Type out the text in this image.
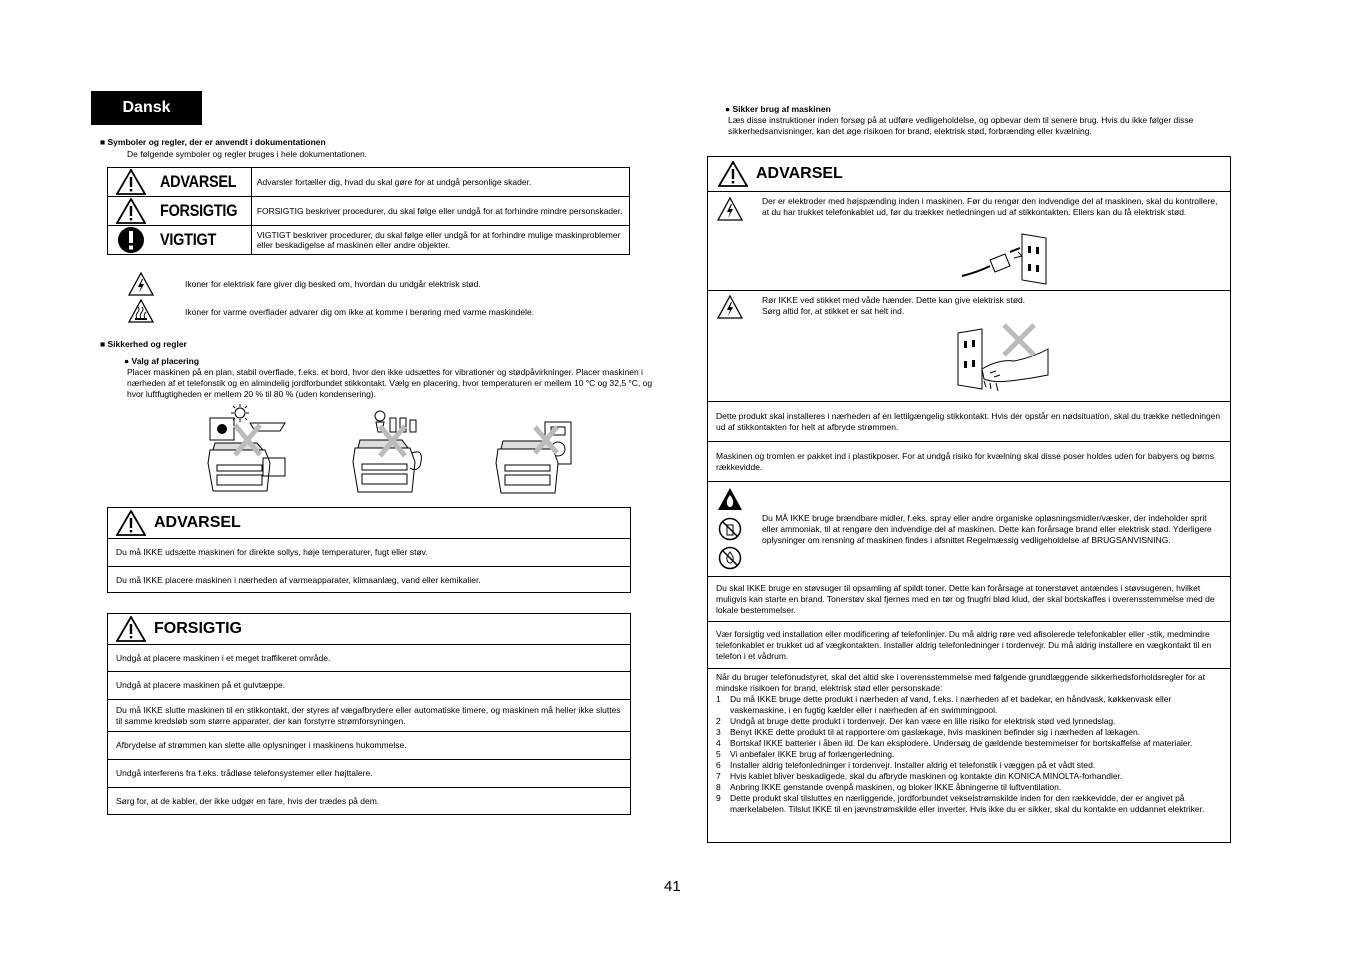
Dansk
■ Symboler og regler, der er anvendt i dokumentationen
De følgende symboler og regler bruges i hele dokumentationen.
ADVARSEL	Advarsler fortæller dig, hvad du skal gøre for at undgå personlige skader.

FORSIGTIG	FORSIGTIG beskriver procedurer, du skal følge eller undgå for at forhindre mindre personskader.

VIGTIGT	VIGTIGT beskriver procedurer, du skal følge eller undgå for at forhindre mulige maskinproblemer eller beskadigelse af maskinen eller andre objekter.
Ikoner for elektrisk fare giver dig besked om, hvordan du undgår elektrisk stød.
Ikoner for varme overflader advarer dig om ikke at komme i berøring med varme maskindele.
■ Sikkerhed og regler
● Valg af placering
Placer maskinen på en plan, stabil overflade, f.eks. et bord, hvor den ikke udsættes for vibrationer og stødpåvirkninger. Placer maskinen i nærheden af et telefonstik og en almindelig jordforbundet stikkontakt. Vælg en placering, hvor temperaturen er mellem 10 °C og 32,5 °C, og hvor luftfugtigheden er mellem 20 % til 80 % (uden kondensering).
ADVARSEL
Du må IKKE udsætte maskinen for direkte sollys, høje temperaturer, fugt eller støv.
Du må IKKE placere maskinen i nærheden af varmeapparater, klimaanlæg, vand eller kemikalier.
FORSIGTIG
Undgå at placere maskinen i et meget traffikeret område.
Undgå at placere maskinen på et gulvtæppe.
Du må IKKE slutte maskinen til en stikkontakt, der styres af vægafbrydere eller automatiske timere, og maskinen må heller ikke sluttes til samme kredsløb som større apparater, der kan forstyrre strømforsyningen.
Afbrydelse af strømmen kan slette alle oplysninger i maskinens hukommelse.
Undgå interferens fra f.eks. trådløse telefonsystemer eller højttalere.
Sørg for, at de kabler, der ikke udgør en fare, hvis der trædes på dem.
● Sikker brug af maskinen
Læs disse instruktioner inden forsøg på at udføre vedligeholdelse, og opbevar dem til senere brug. Hvis du ikke følger disse sikkerhedsanvisninger, kan det øge risikoen for brand, elektrisk stød, forbrænding eller kvælning.
ADVARSEL
Der er elektroder med højspænding inden i maskinen. Før du rengør den indvendige del af maskinen, skal du kontrollere, at du har trukket telefonkablet ud, før du trækker netledningen ud af stikkontakten. Ellers kan du få elektrisk stød.
Rør IKKE ved stikket med våde hænder. Dette kan give elektrisk stød.
Sørg altid for, at stikket er sat helt ind.
Dette produkt skal installeres i nærheden af en lettilgængelig stikkontakt. Hvis der opstår en nødsituation, skal du trække netledningen ud af stikkontakten for helt at afbryde strømmen.
Maskinen og tromlen er pakket ind i plastikposer. For at undgå risiko for kvælning skal disse poser holdes uden for babyers og børns rækkevidde.
Du MÅ IKKE bruge brændbare midler, f.eks. spray eller andre organiske opløsningsmidler/væsker, der indeholder sprit eller ammoniak, til at rengøre den indvendige del af maskinen. Dette kan forårsage brand eller elektrisk stød. Yderligere oplysninger om rensning af maskinen findes i afsnittet Regelmæssig vedligeholdelse af BRUGSANVISNING.
Du skal IKKE bruge en støvsuger til opsamling af spildt toner. Dette kan forårsage at tonerstøvet antændes i støvsugeren, hvilket muligvis kan starte en brand. Tonerstøv skal fjernes med en tør og fnugfri blød klud, der skal bortskaffes i overensstemmelse med de lokale bestemmelser.
Vær forsigtig ved installation eller modificering af telefonlinjer. Du må aldrig røre ved afisolerede telefonkabler eller -stik, medmindre telefonkablet er trukket ud af vægkontakten. Installer aldrig telefonledninger i tordenvejr. Du må aldrig installere en vægkontakt til en telefon i et vådrum.
Når du bruger telefonudstyret, skal det altid ske i overensstemmelse med følgende grundlæggende sikkerhedsforholdsregler for at mindske risikoen for brand, elektrisk stød eller personskade:
1	Du må IKKE bruge dette produkt i nærheden af vand, f.eks. i nærheden af et badekar, en håndvask, køkkenvask eller vaskemaskine, i en fugtig kælder eller i nærheden af en swimmingpool.
2	Undgå at bruge dette produkt i tordenvejr. Der kan være en lille risiko for elektrisk stød ved lynnedslag.
3	Benyt IKKE dette produkt til at rapportere om gaslækage, hvis maskinen befinder sig i nærheden af lækagen.
4	Bortskaf IKKE batterier i åben ild. De kan eksplodere. Undersøg de gældende bestemmelser for bortskaffelse af materialer.
5	Vi anbefaler IKKE brug af forlængerledning.
6	Installer aldrig telefonledninger i tordenvejr. Installer aldrig et telefonstik i væggen på et vådt sted.
7	Hvis kablet bliver beskadigede, skal du afbryde maskinen og kontakte din KONICA MINOLTA-forhandler.
8	Anbring IKKE genstande ovenpå maskinen, og bloker IKKE åbningerne til luftventilation.
9	Dette produkt skal tilsluttes en nærliggende, jordforbundet vekselstrømskilde inden for den rækkevidde, der er angivet på mærkelabelen. Tilslut IKKE til en jævnstrømskilde eller inverter. Hvis ikke du er sikker, skal du kontakte en uddannet elektriker.
41
